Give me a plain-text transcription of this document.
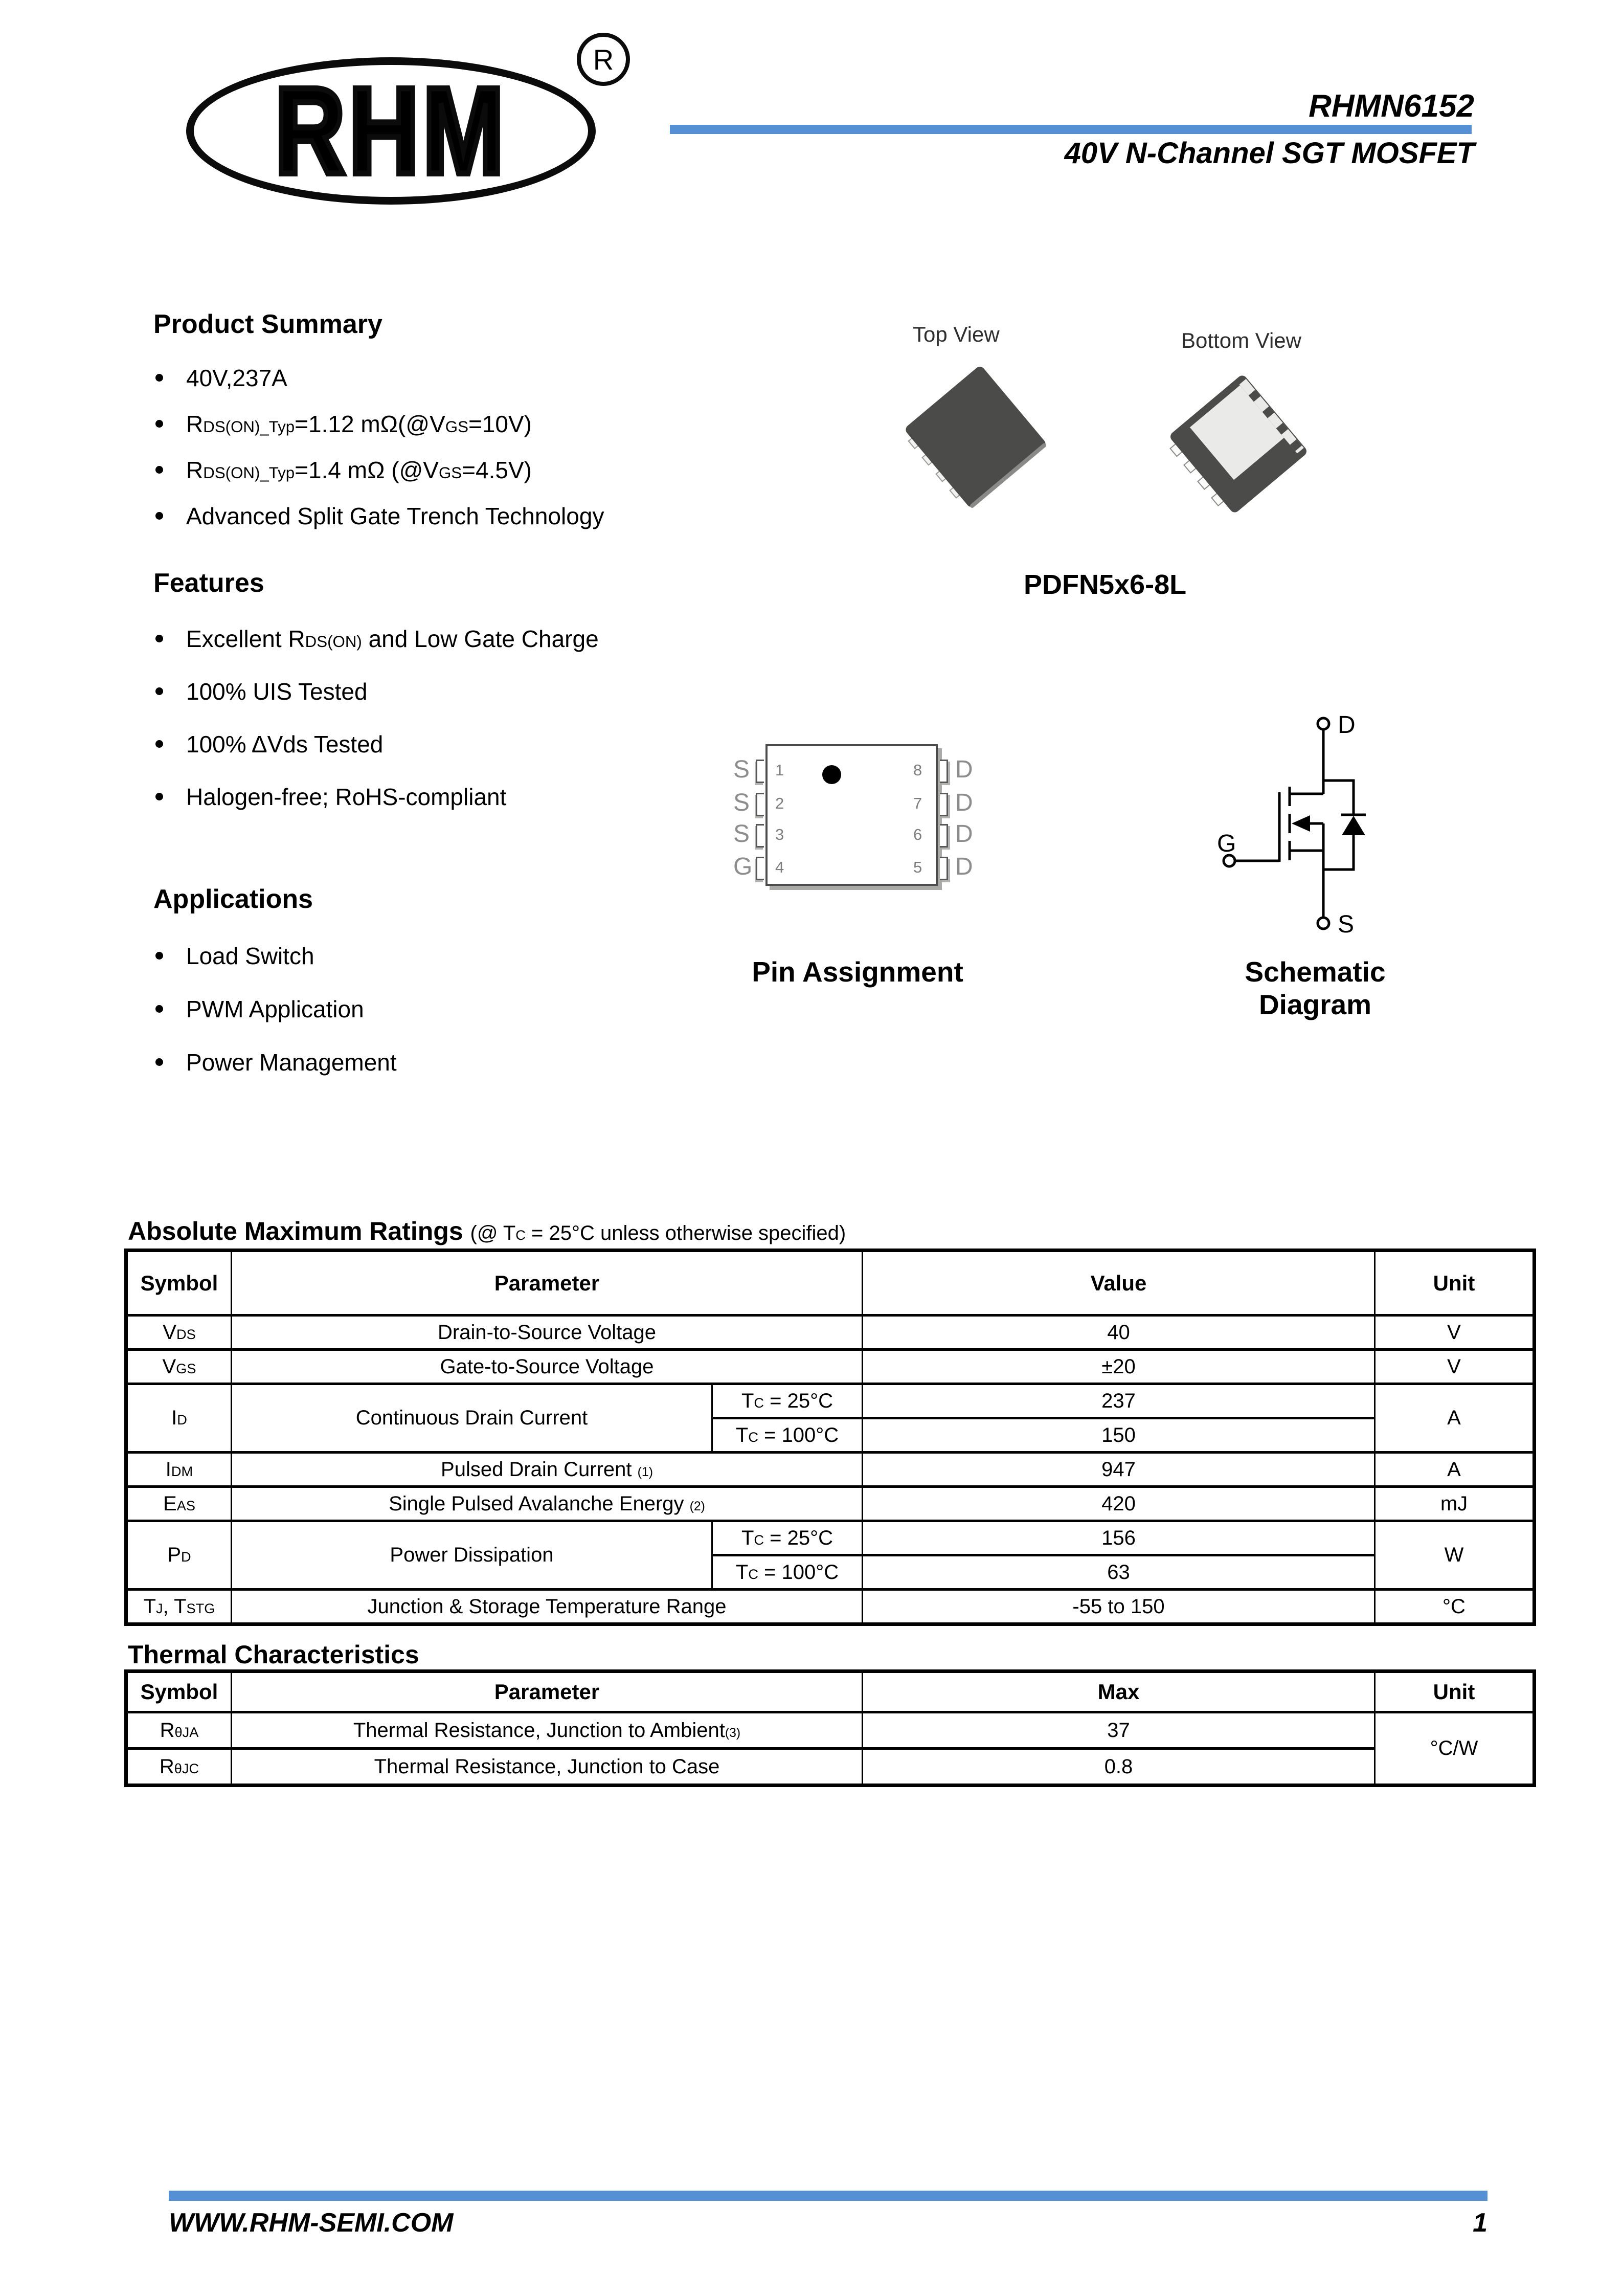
RHM
R
RHMN6152
40V N-Channel SGT MOSFET
Product Summary
40V,237A
$R_{DS(ON)\_Typ}=1.12$ $m\Omega(@V_{GS}=10V)$
$R_{DS(ON)\_Typ}=1.4$ mΩ $(@V_{GS}=4.5V)$
Advanced Split Gate Trench Technology
Features
Excellent $R_{DS(ON)}$ and Low Gate Charge
100% UIS Tested
100% ΔVds Tested
Halogen-free; RoHS-compliant
Applications
Load Switch
PWM Application
Power Management
Top View	Bottom View
PDFN5x6-8L
S
S
S
G
D
D
D
D
1
2
3
4
8
7
6
5
Pin Assignment
D
G
S
Schematic Diagram
Absolute Maximum Ratings (@ $T_C = 25^\circ C$ unless otherwise specified)
Symbol	Parameter		Value	Unit
$V_{DS}$	Drain-to-Source Voltage		40	V
$V_{GS}$	Gate-to-Source Voltage		±20	V
$I_D$	Continuous Drain Current	$T_C = 25^\circ C$	237	A
		$T_C = 100^\circ C$	150	
$I_{DM}$	Pulsed Drain Current $^{(1)}$		947	A
$E_{AS}$	Single Pulsed Avalanche Energy $^{(2)}$		420	mJ
$P_D$	Power Dissipation	$T_C = 25^\circ C$	156	W
		$T_C = 100^\circ C$	63	
$T_J$, $T_{STG}$	Junction & Storage Temperature Range		-55 to 150	°C
Thermal Characteristics
Symbol	Parameter	Max	Unit
$R_{\theta JA}$	Thermal Resistance, Junction to Ambient$^{(3)}$	37	°C/W
$R_{\theta JC}$	Thermal Resistance, Junction to Case	0.8	
WWW.RHM-SEMI.COM	1
